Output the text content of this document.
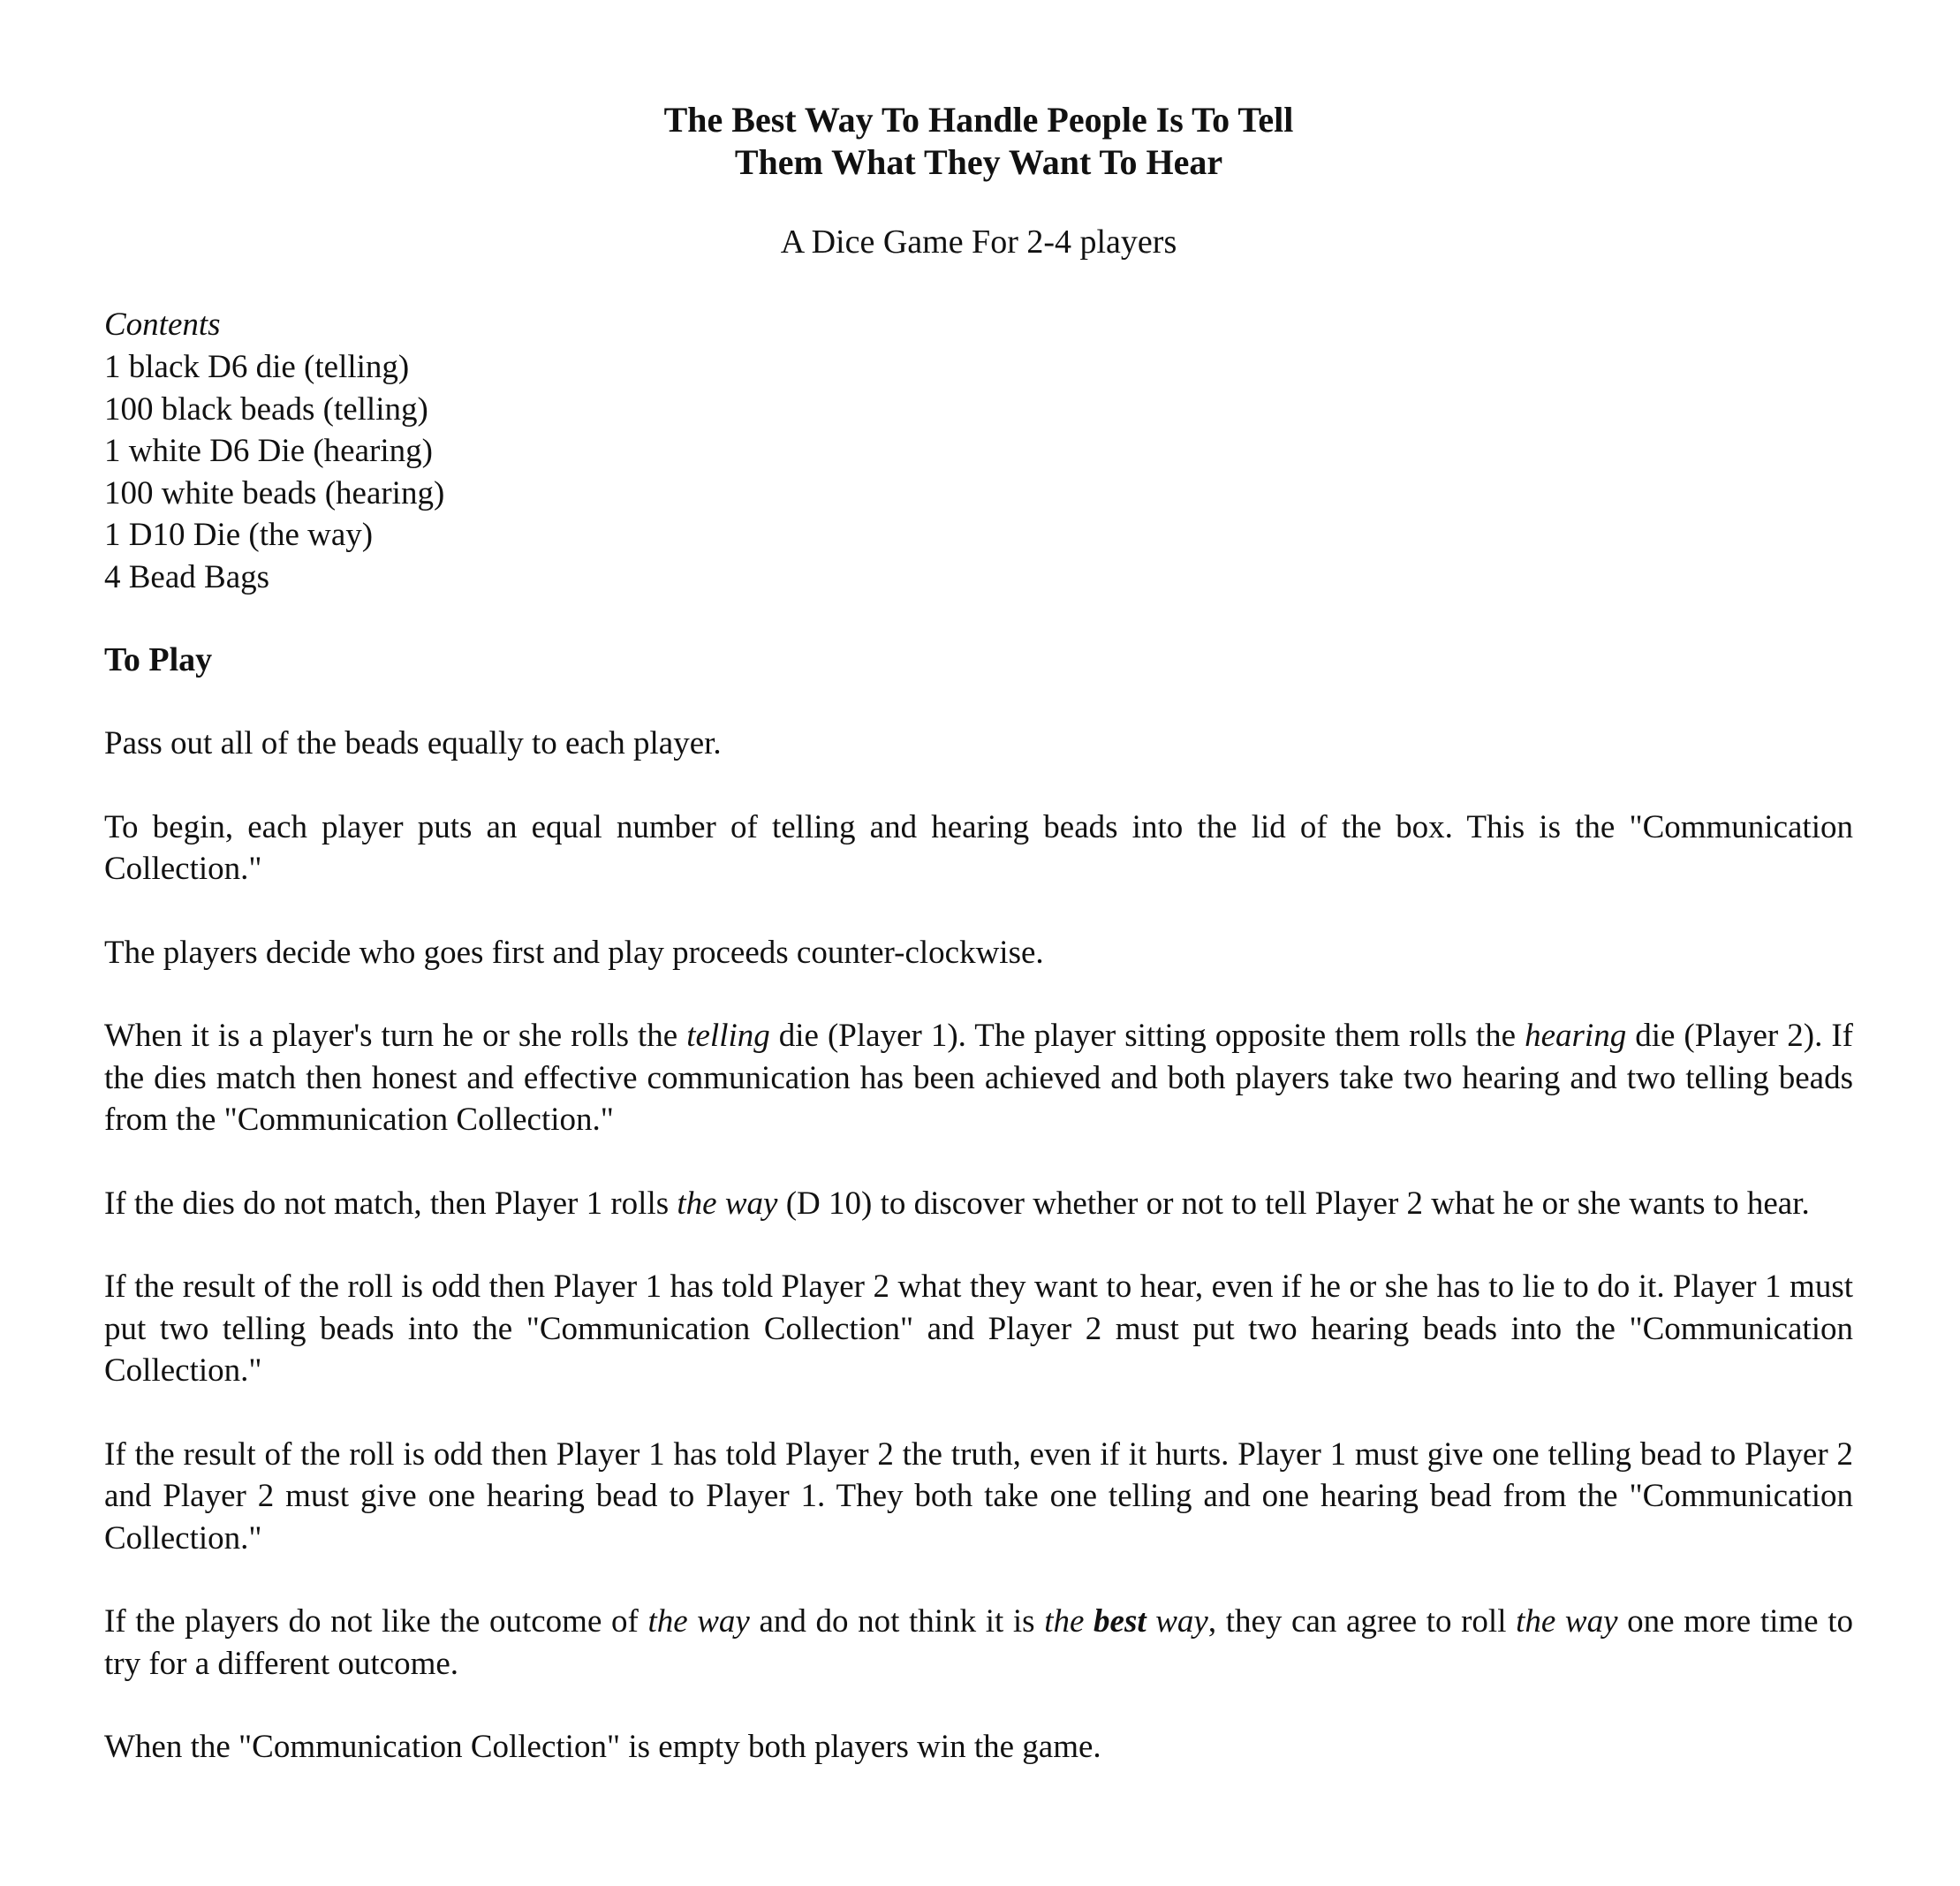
The Best Way To Handle People Is To Tell
Them What They Want To Hear

A Dice Game For 2-4 players

Contents

1 black D6 die (telling)
100 black beads (telling)
1 white D6 Die (hearing)
100 white beads (hearing)
1 D10 Die (the way)
4 Bead Bags

To Play

Pass out all of the beads equally to each player.

To begin, each player puts an equal number of telling and hearing beads into the lid of the box. This is the "Communication Collection."

The players decide who goes first and play proceeds counter-clockwise.

When it is a player's turn he or she rolls the telling die (Player 1). The player sitting opposite them rolls the hearing die (Player 2). If the dies match then honest and effective communication has been achieved and both players take two hearing and two telling beads from the "Communication Collection."

If the dies do not match, then Player 1 rolls the way (D 10) to discover whether or not to tell Player 2 what he or she wants to hear.

If the result of the roll is odd then Player 1 has told Player 2 what they want to hear, even if he or she has to lie to do it. Player 1 must put two telling beads into the "Communication Collection" and Player 2 must put two hearing beads into the "Communication Collection."

If the result of the roll is odd then Player 1 has told Player 2 the truth, even if it hurts. Player 1 must give one telling bead to Player 2 and Player 2 must give one hearing bead to Player 1. They both take one telling and one hearing bead from the "Communication Collection."

If the players do not like the outcome of the way and do not think it is the best way, they can agree to roll the way one more time to try for a different outcome.

When the "Communication Collection" is empty both players win the game.
